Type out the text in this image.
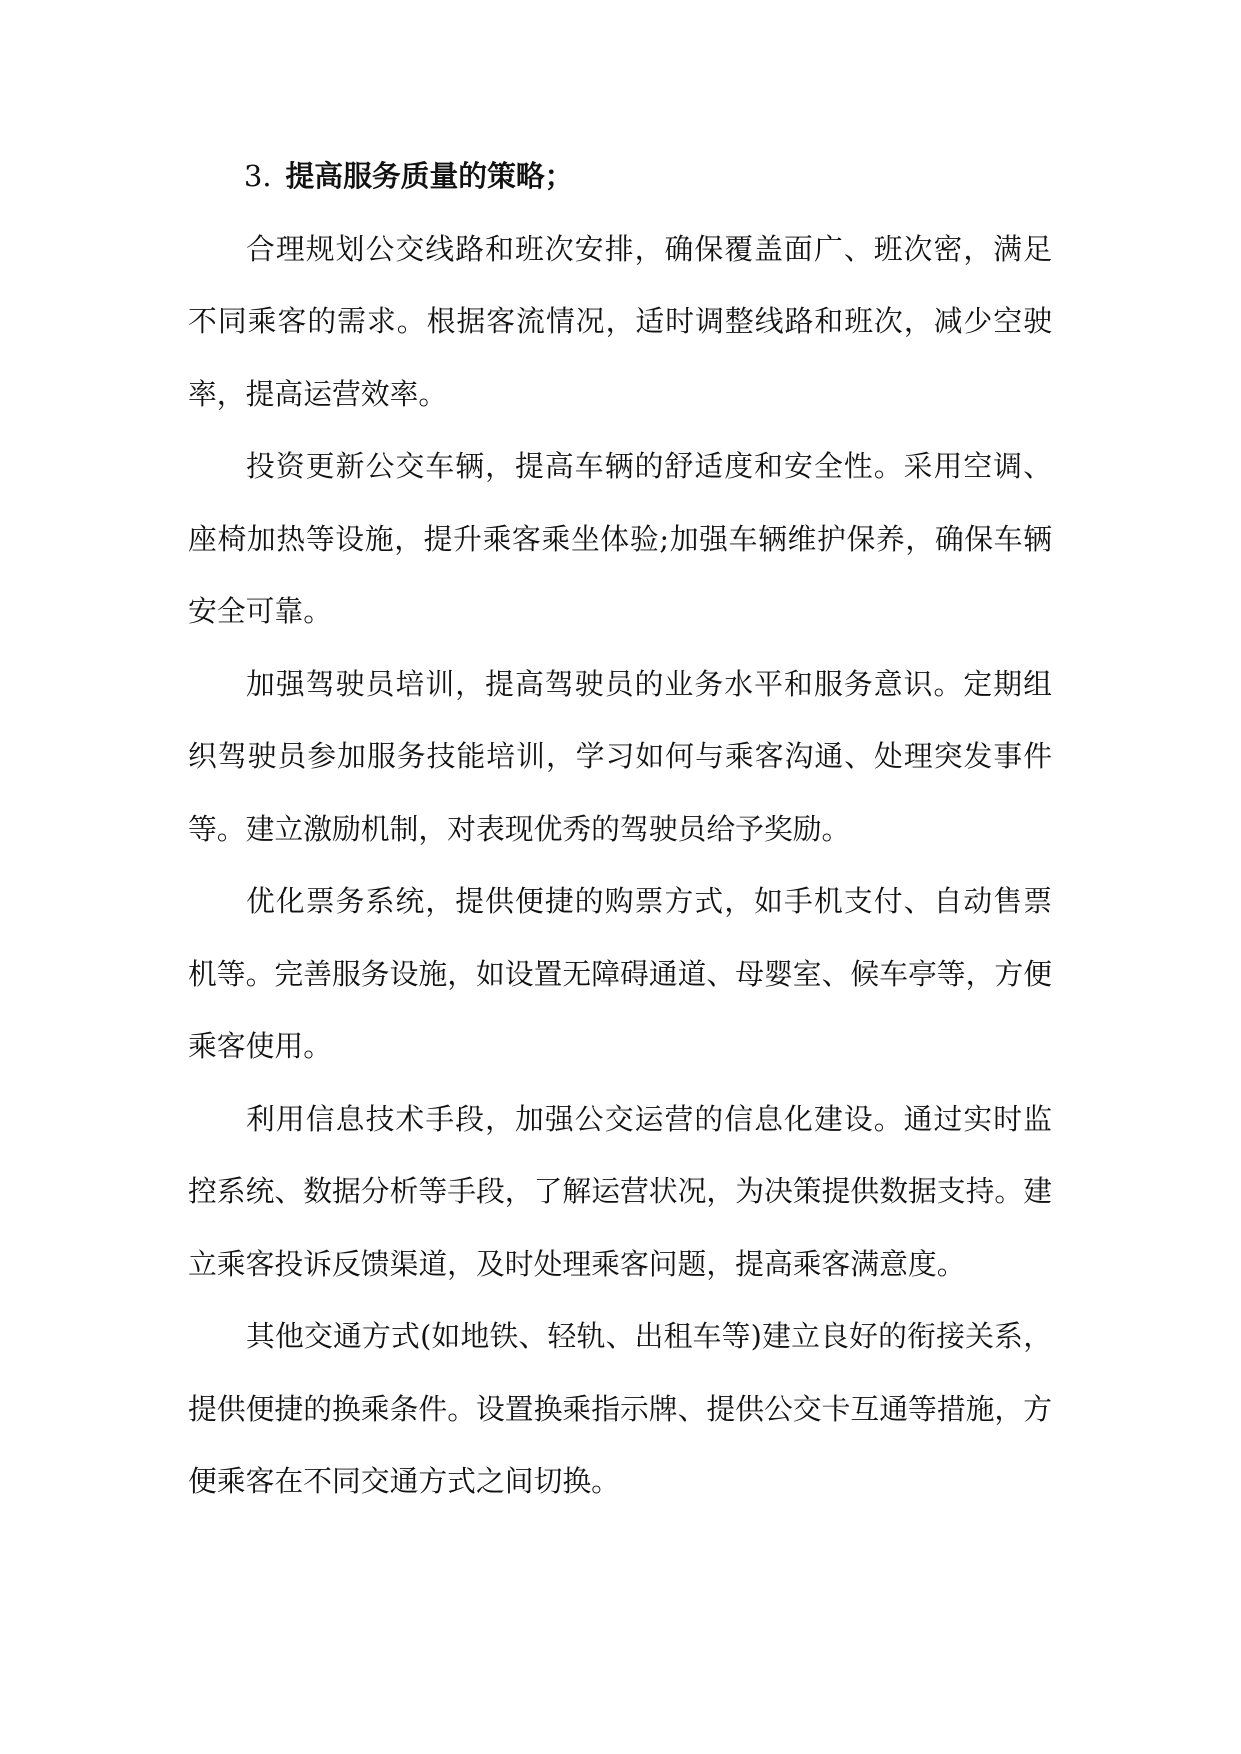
3. 提高服务质量的策略；

合理规划公交线路和班次安排，确保覆盖面广、班次密，满足不同乘客的需求。根据客流情况，适时调整线路和班次，减少空驶率，提高运营效率。

投资更新公交车辆，提高车辆的舒适度和安全性。采用空调、座椅加热等设施，提升乘客乘坐体验;加强车辆维护保养，确保车辆安全可靠。

加强驾驶员培训，提高驾驶员的业务水平和服务意识。定期组织驾驶员参加服务技能培训，学习如何与乘客沟通、处理突发事件等。建立激励机制，对表现优秀的驾驶员给予奖励。

优化票务系统，提供便捷的购票方式，如手机支付、自动售票机等。完善服务设施，如设置无障碍通道、母婴室、候车亭等，方便乘客使用。

利用信息技术手段，加强公交运营的信息化建设。通过实时监控系统、数据分析等手段，了解运营状况，为决策提供数据支持。建立乘客投诉反馈渠道，及时处理乘客问题，提高乘客满意度。

其他交通方式(如地铁、轻轨、出租车等)建立良好的衔接关系，提供便捷的换乘条件。设置换乘指示牌、提供公交卡互通等措施，方便乘客在不同交通方式之间切换。
